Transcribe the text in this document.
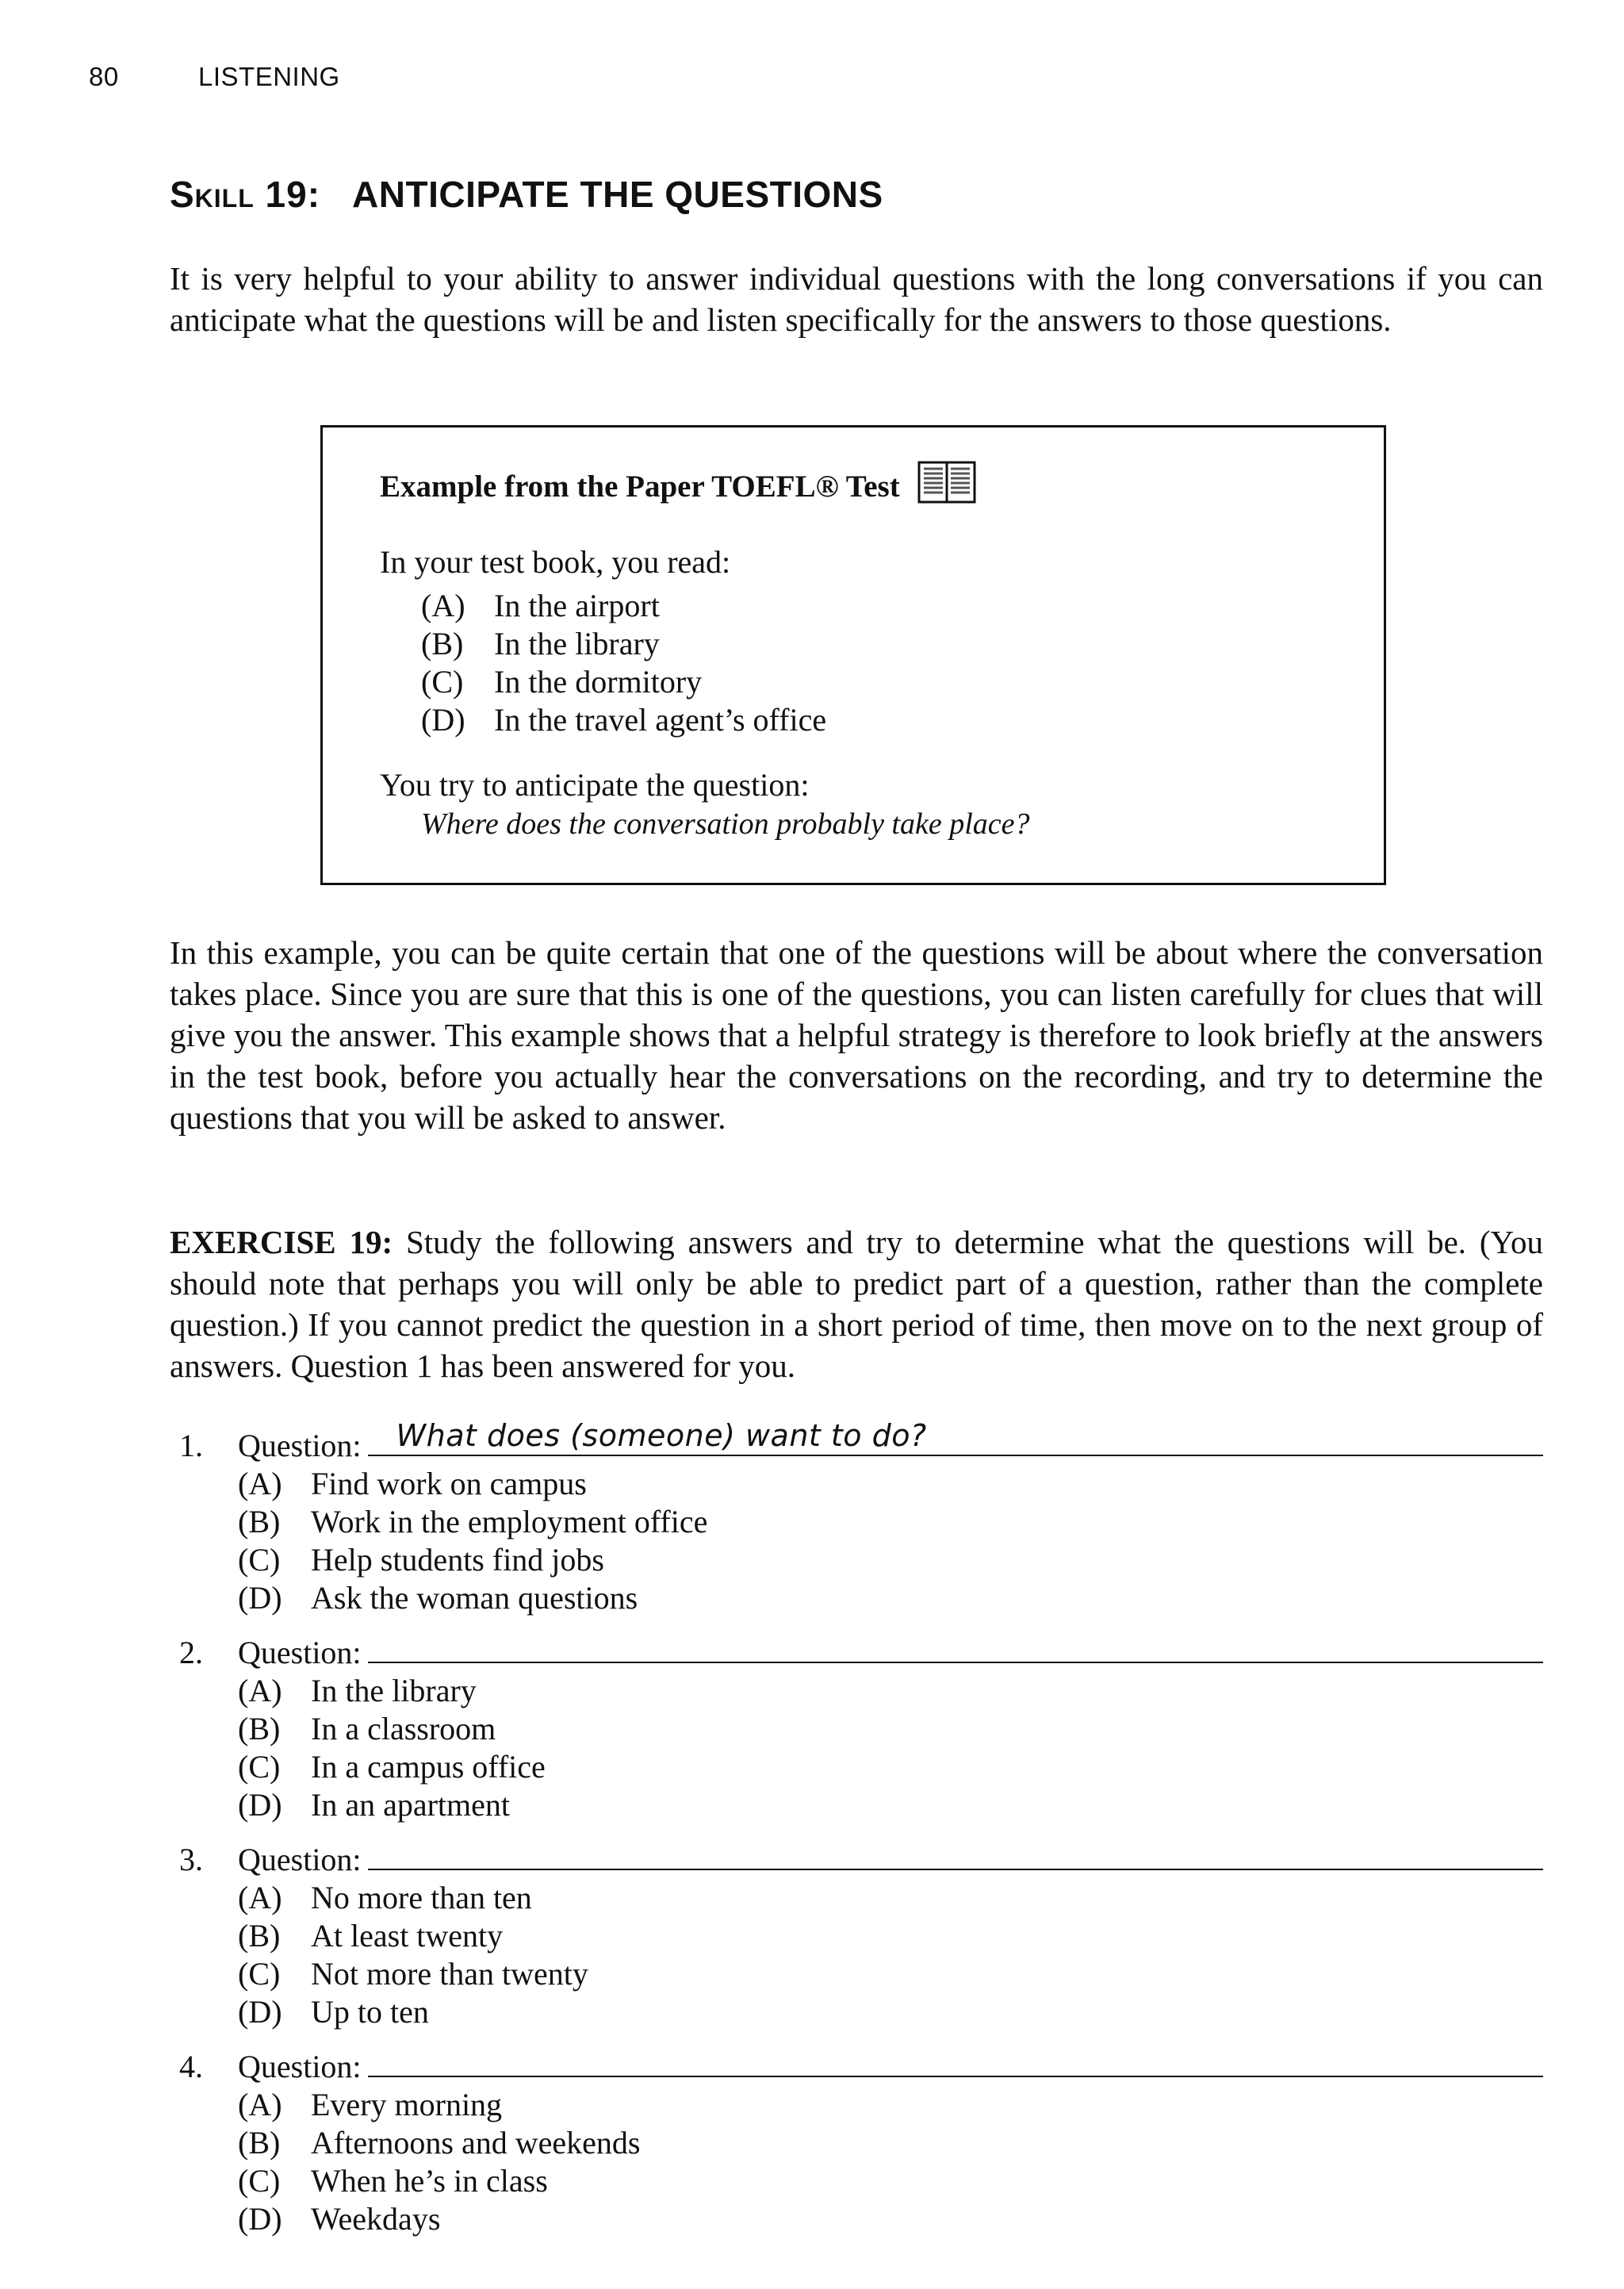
80	LISTENING
Skill 19: ANTICIPATE THE QUESTIONS
It is very helpful to your ability to answer individual questions with the long conversations if you can anticipate what the questions will be and listen specifically for the answers to those questions.
Example from the Paper TOEFL® Test
In your test book, you read:
(A) In the airport
(B) In the library
(C) In the dormitory
(D) In the travel agent’s office
You try to anticipate the question:
Where does the conversation probably take place?
In this example, you can be quite certain that one of the questions will be about where the conversation takes place. Since you are sure that this is one of the questions, you can listen carefully for clues that will give you the answer. This example shows that a helpful strategy is therefore to look briefly at the answers in the test book, before you actually hear the conversations on the recording, and try to determine the questions that you will be asked to answer.
EXERCISE 19: Study the following answers and try to determine what the questions will be. (You should note that perhaps you will only be able to predict part of a question, rather than the complete question.) If you cannot predict the question in a short period of time, then move on to the next group of answers. Question 1 has been answered for you.
1.	Question: What does (someone) want to do?
(A) Find work on campus
(B) Work in the employment office
(C) Help students find jobs
(D) Ask the woman questions
2.	Question:
(A) In the library
(B) In a classroom
(C) In a campus office
(D) In an apartment
3.	Question:
(A) No more than ten
(B) At least twenty
(C) Not more than twenty
(D) Up to ten
4.	Question:
(A) Every morning
(B) Afternoons and weekends
(C) When he’s in class
(D) Weekdays
